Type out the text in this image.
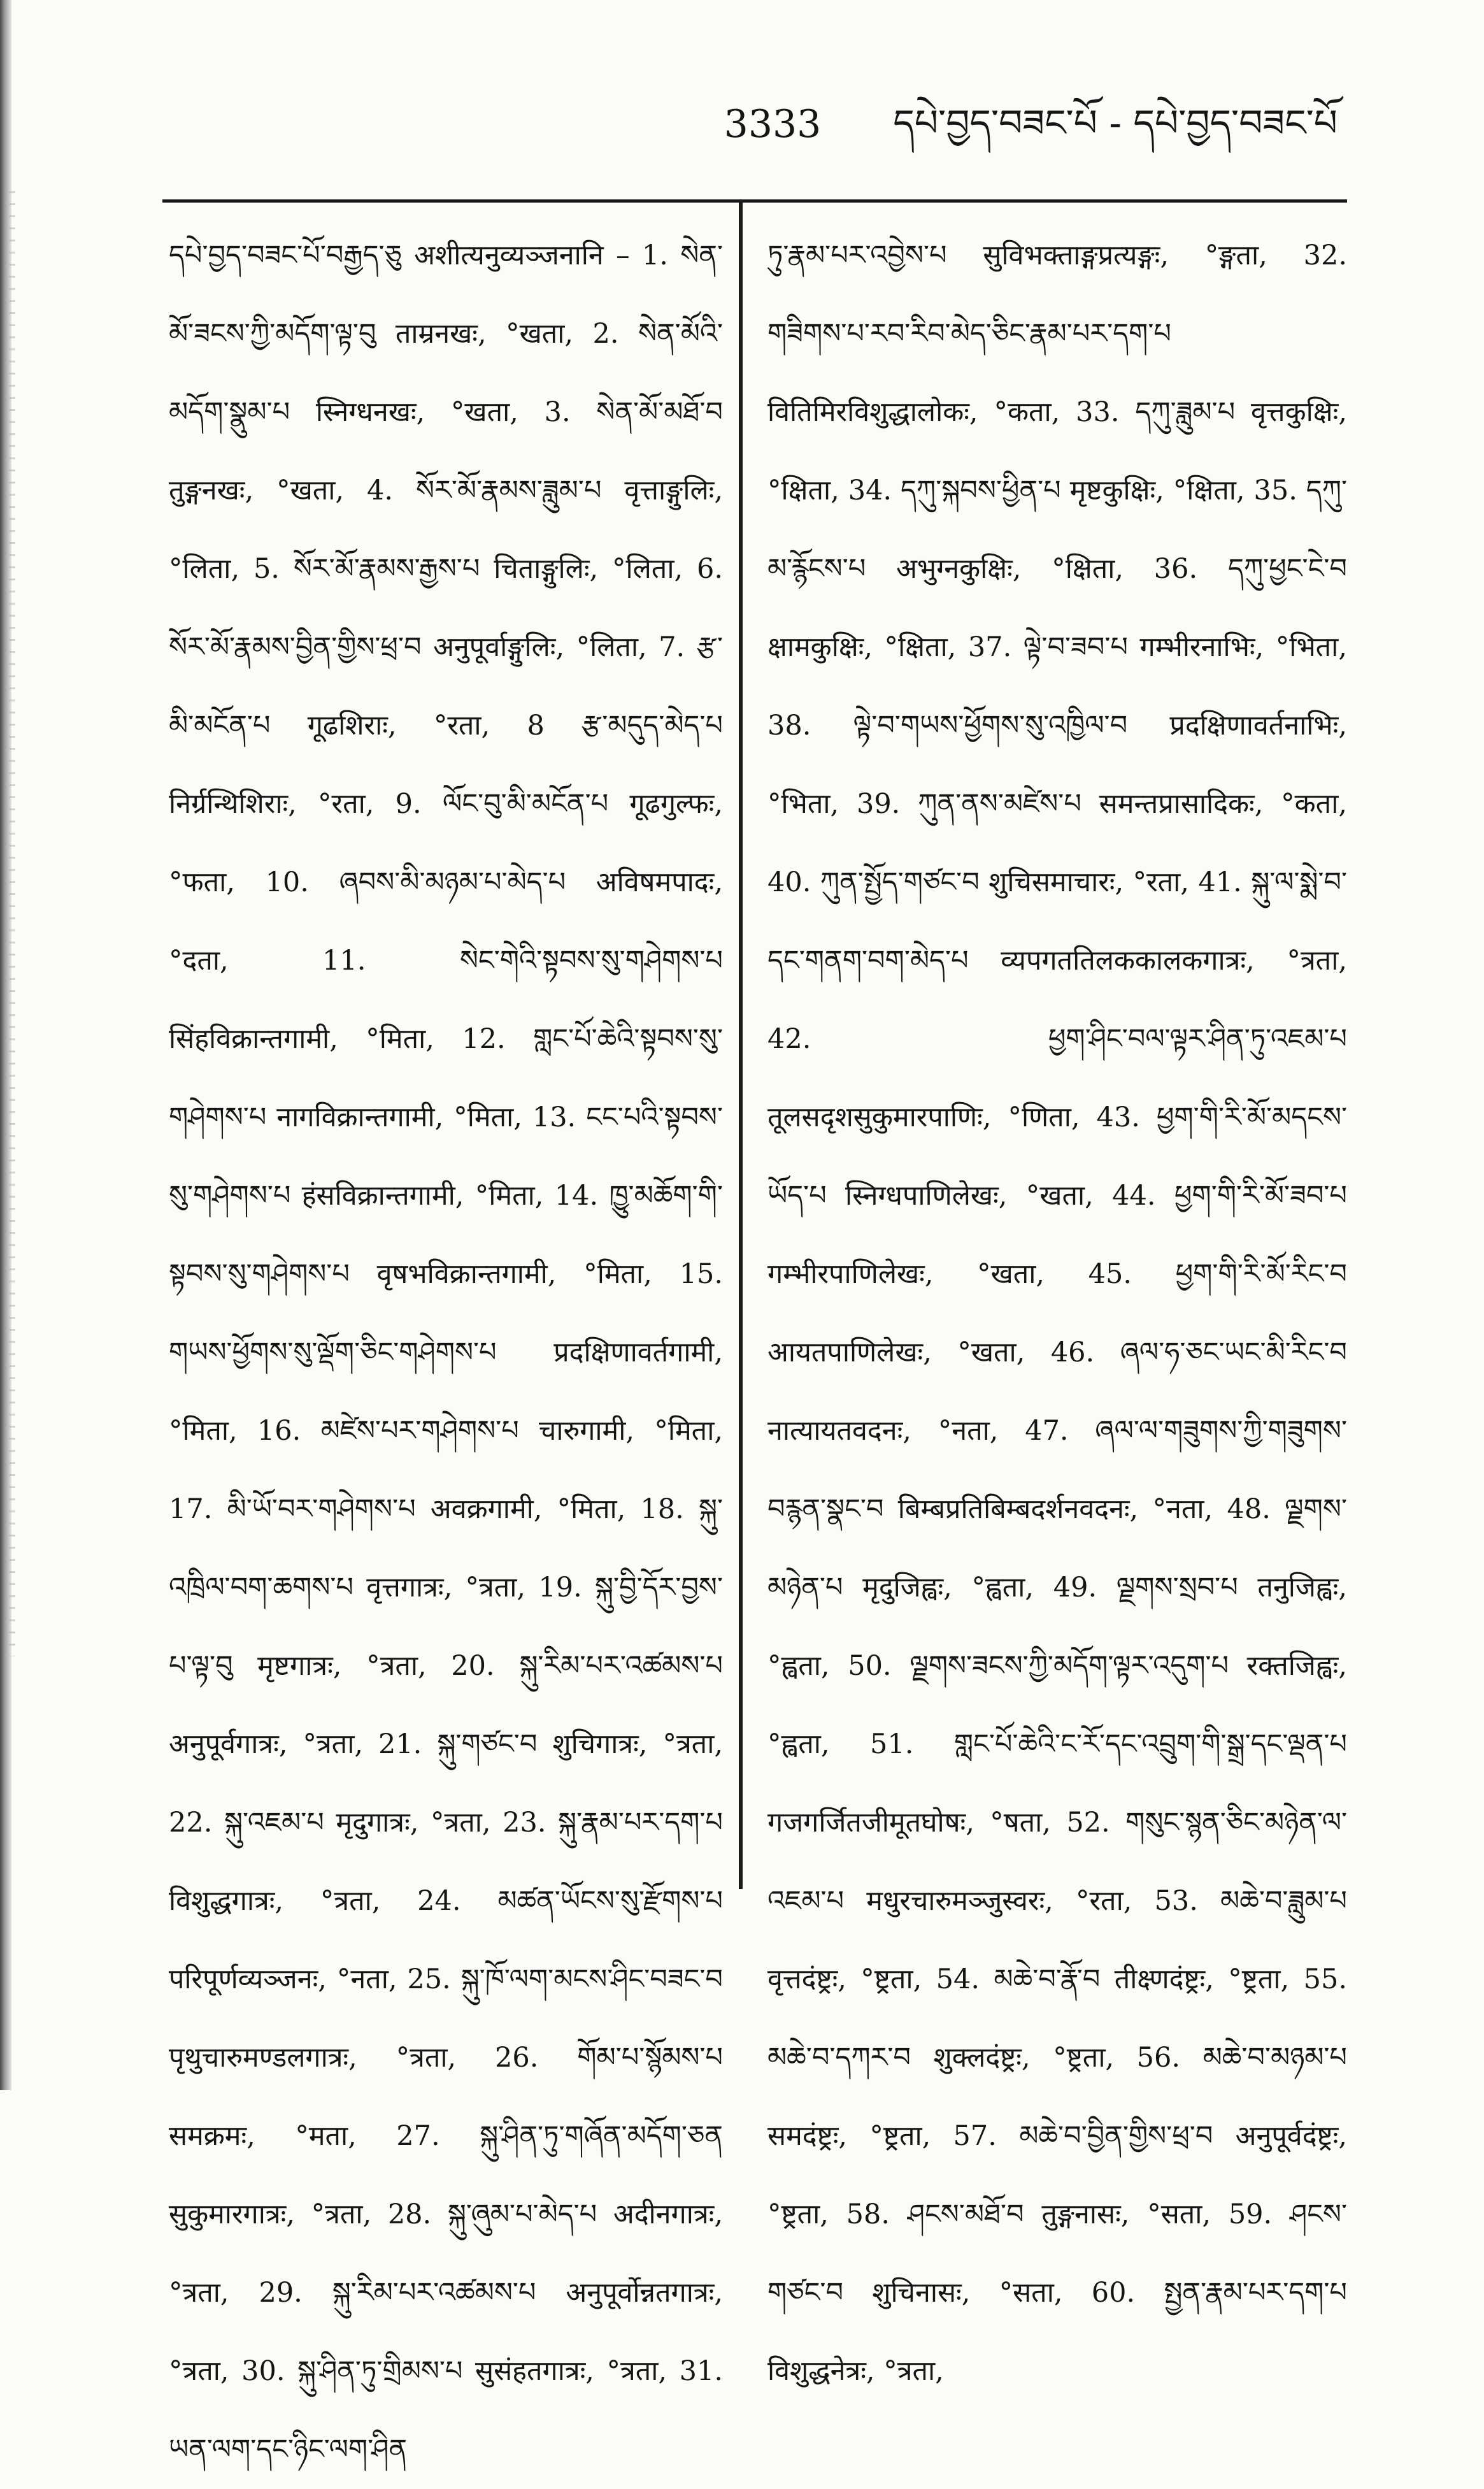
3333	དཔེ་བྱད་བཟང་པོ - དཔེ་བྱད་བཟང་པོ

དཔེ་བྱད་བཟང་པོ་བརྒྱད་ཅུ अशीत्यनुव्यञ्जनानि – 1. སེན་མོ་ཟངས་ཀྱི་མདོག་ལྟ་བུ ताम्रनखः, °खता, 2. སེན་མོའི་མདོག་སྣུམ་པ स्निग्धनखः, °खता, 3. སེན་མོ་མཐོ་བ तुङ्गनखः, °खता, 4. སོར་མོ་རྣམས་ཟླུམ་པ वृत्ताङ्गुलिः, °लिता, 5. སོར་མོ་རྣམས་རྒྱས་པ चिताङ्गुलिः, °लिता, 6. སོར་མོ་རྣམས་བྱིན་གྱིས་ཕྲ་བ अनुपूर्वाङ्गुलिः, °लिता, 7. རྩ་མི་མངོན་པ गूढशिराः, °रता, 8 རྩ་མདུད་མེད་པ निर्ग्रन्थिशिराः, °रता, 9. ལོང་བུ་མི་མངོན་པ गूढगुल्फः, °फता, 10. ཞབས་མི་མཉམ་པ་མེད་པ अविषमपादः, °दता, 11. སེང་གེའི་སྟབས་སུ་གཤེགས་པ सिंहविक्रान्तगामी, °मिता, 12. གླང་པོ་ཆེའི་སྟབས་སུ་གཤེགས་པ नागविक्रान्तगामी, °मिता, 13. ངང་པའི་སྟབས་སུ་གཤེགས་པ हंसविक्रान्तगामी, °मिता, 14. ཁྱུ་མཆོག་གི་སྟབས་སུ་གཤེགས་པ वृषभविक्रान्तगामी, °मिता, 15. གཡས་ཕྱོགས་སུ་ལྡོག་ཅིང་གཤེགས་པ प्रदक्षिणावर्तगामी, °मिता, 16. མཛེས་པར་གཤེགས་པ चारुगामी, °मिता, 17. མི་ཡོ་བར་གཤེགས་པ अवक्रगामी, °मिता, 18. སྐུ་འཁྲིལ་བག་ཆགས་པ वृत्तगात्रः, °त्रता, 19. སྐུ་བྱི་དོར་བྱས་པ་ལྟ་བུ मृष्टगात्रः, °त्रता, 20. སྐུ་རིམ་པར་འཚམས་པ अनुपूर्वगात्रः, °त्रता, 21. སྐུ་གཙང་བ शुचिगात्रः, °त्रता, 22. སྐུ་འཇམ་པ मृदुगात्रः, °त्रता, 23. སྐུ་རྣམ་པར་དག་པ विशुद्धगात्रः, °त्रता, 24. མཚན་ཡོངས་སུ་རྫོགས་པ परिपूर्णव्यञ्जनः, °नता, 25. སྐུ་ཁོ་ལག་མངས་ཤིང་བཟང་བ पृथुचारुमण्डलगात्रः, °त्रता, 26. གོམ་པ་སྙོམས་པ समक्रमः, °मता, 27. སྐུ་ཤིན་ཏུ་གཞོན་མདོག་ཅན सुकुमारगात्रः, °त्रता, 28. སྐུ་ཞུམ་པ་མེད་པ अदीनगात्रः, °त्रता, 29. སྐུ་རིམ་པར་འཚམས་པ अनुपूर्वोन्नतगात्रः, °त्रता, 30. སྐུ་ཤིན་ཏུ་གྲིམས་པ सुसंहतगात्रः, °त्रता, 31. ཡན་ལག་དང་ཉིང་ལག་ཤིན

ཏུ་རྣམ་པར་འབྱེས་པ सुविभक्ताङ्गप्रत्यङ्गः, °ङ्गता, 32. གཟིགས་པ་རབ་རིབ་མེད་ཅིང་རྣམ་པར་དག་པ वितिमिरविशुद्धालोकः, °कता, 33. དཀུ་ཟླུམ་པ वृत्तकुक्षिः, °क्षिता, 34. དཀུ་སྐབས་ཕྱིན་པ मृष्टकुक्षिः, °क्षिता, 35. དཀུ་མ་རྙོངས་པ अभुग्नकुक्षिः, °क्षिता, 36. དཀུ་ཕྱང་ངེ་བ क्षामकुक्षिः, °क्षिता, 37. ལྟེ་བ་ཟབ་པ गम्भीरनाभिः, °भिता, 38. ལྟེ་བ་གཡས་ཕྱོགས་སུ་འཁྱིལ་བ प्रदक्षिणावर्तनाभिः, °भिता, 39. ཀུན་ནས་མཛེས་པ समन्तप्रासादिकः, °कता, 40. ཀུན་སྤྱོད་གཙང་བ शुचिसमाचारः, °रता, 41. སྐུ་ལ་སྨེ་བ་དང་གནག་བག་མེད་པ व्यपगततिलककालकगात्रः, °त्रता, 42. ཕྱག་ཤིང་བལ་ལྟར་ཤིན་ཏུ་འཇམ་པ तूलसदृशसुकुमारपाणिः, °णिता, 43. ཕྱག་གི་རི་མོ་མདངས་ཡོད་པ स्निग्धपाणिलेखः, °खता, 44. ཕྱག་གི་རི་མོ་ཟབ་པ गम्भीरपाणिलेखः, °खता, 45. ཕྱག་གི་རི་མོ་རིང་བ आयतपाणिलेखः, °खता, 46. ཞལ་ཧ་ཅང་ཡང་མི་རིང་བ नात्यायतवदनः, °नता, 47. ཞལ་ལ་གཟུགས་ཀྱི་གཟུགས་བརྙན་སྣང་བ बिम्बप्रतिबिम्बदर्शनवदनः, °नता, 48. ལྗགས་མཉེན་པ मृदुजिह्वः, °ह्वता, 49. ལྗགས་སྲབ་པ तनुजिह्वः, °ह्वता, 50. ལྗགས་ཟངས་ཀྱི་མདོག་ལྟར་འདུག་པ रक्तजिह्वः, °ह्वता, 51. གླང་པོ་ཆེའི་ང་རོ་དང་འབྲུག་གི་སྒྲ་དང་ལྡན་པ गजगर्जितजीमूतघोषः, °षता, 52. གསུང་སྙན་ཅིང་མཉེན་ལ་འཇམ་པ मधुरचारुमञ्जुस्वरः, °रता, 53. མཆེ་བ་ཟླུམ་པ वृत्तदंष्ट्रः, °ष्ट्रता, 54. མཆེ་བ་རྣོ་བ तीक्ष्णदंष्ट्रः, °ष्ट्रता, 55. མཆེ་བ་དཀར་བ शुक्लदंष्ट्रः, °ष्ट्रता, 56. མཆེ་བ་མཉམ་པ समदंष्ट्रः, °ष्ट्रता, 57. མཆེ་བ་བྱིན་གྱིས་ཕྲ་བ अनुपूर्वदंष्ट्रः, °ष्ट्रता, 58. ཤངས་མཐོ་བ तुङ्गनासः, °सता, 59. ཤངས་གཙང་བ शुचिनासः, °सता, 60. སྤྱན་རྣམ་པར་དག་པ विशुद्धनेत्रः, °त्रता,
